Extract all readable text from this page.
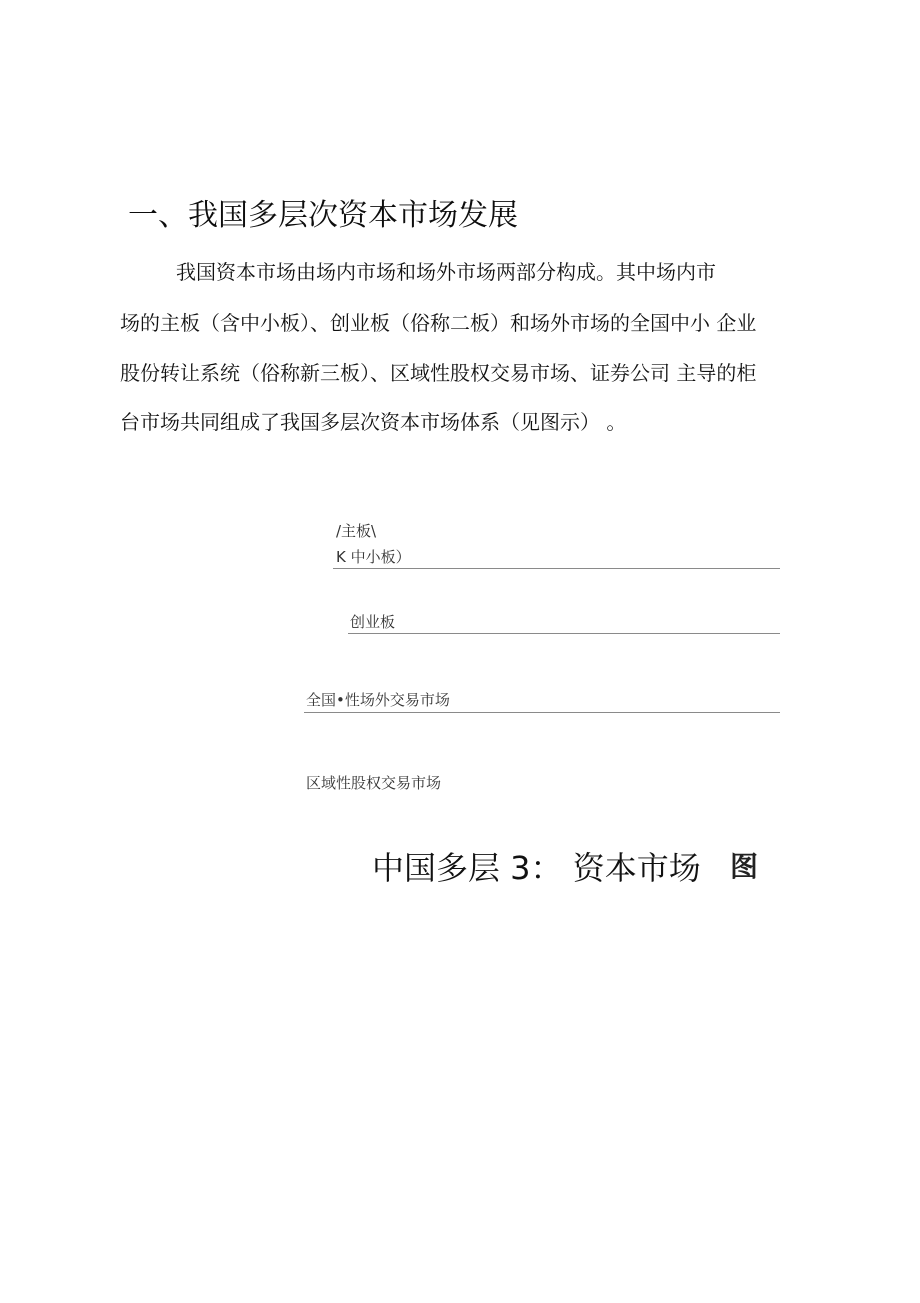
一、我国多层次资本市场发展
我国资本市场由场内市场和场外市场两部分构成。其中场内市
场的主板（含中小板）、创业板（俗称二板）和场外市场的全国中小 企业
股份转让系统（俗称新三板）、区域性股权交易市场、证券公司 主导的柜
台市场共同组成了我国多层次资本市场体系（见图示） 。
/主板\
K 中小板）
创业板
全国•性场外交易市场
区域性股权交易市场
中国多层 3： 资本市场 图
